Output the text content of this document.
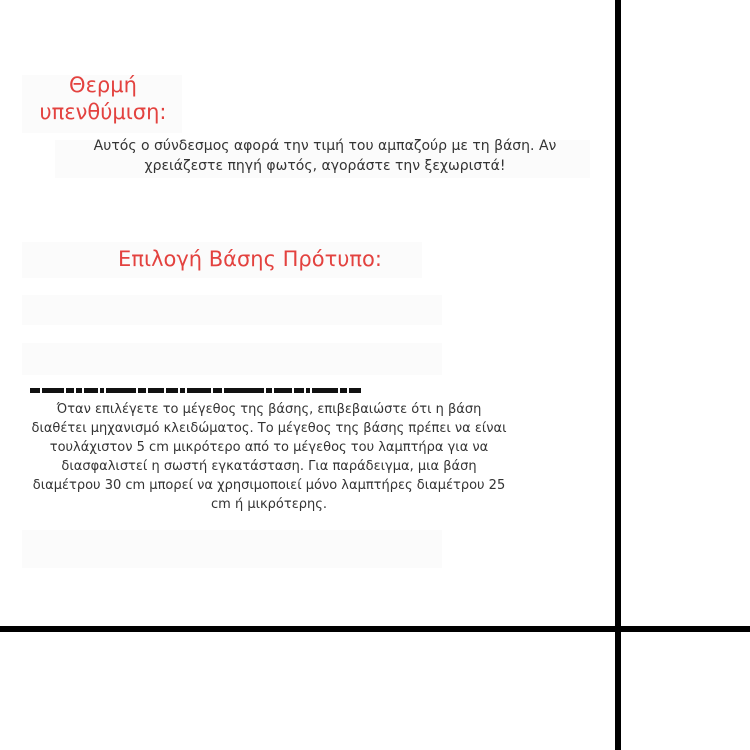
Θερμή υπενθύμιση:

Αυτός ο σύνδεσμος αφορά την τιμή του αμπαζούρ με τη βάση. Αν χρειάζεστε πηγή φωτός, αγοράστε την ξεχωριστά!

Επιλογή Βάσης Πρότυπο:

Όταν επιλέγετε το μέγεθος της βάσης, επιβεβαιώστε ότι η βάση διαθέτει μηχανισμό κλειδώματος. Το μέγεθος της βάσης πρέπει να είναι τουλάχιστον 5 cm μικρότερο από το μέγεθος του λαμπτήρα για να διασφαλιστεί η σωστή εγκατάσταση. Για παράδειγμα, μια βάση διαμέτρου 30 cm μπορεί να χρησιμοποιεί μόνο λαμπτήρες διαμέτρου 25 cm ή μικρότερης.
